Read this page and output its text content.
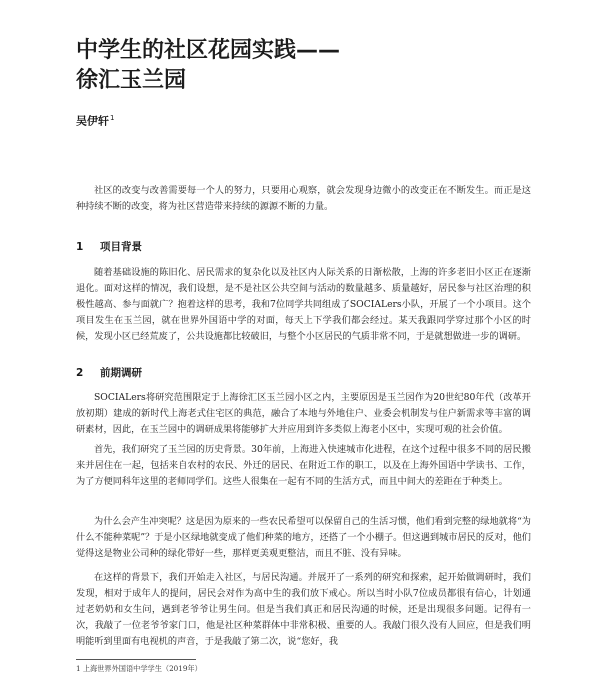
中学生的社区花园实践——
徐汇玉兰园
吴伊轩$^1$

社区的改变与改善需要每一个人的努力，只要用心观察，就会发现身边微小的改变正在不断发生。而正是这种持续不断的改变，将为社区营造带来持续的源源不断的力量。

1 项目背景

随着基础设施的陈旧化、居民需求的复杂化以及社区内人际关系的日渐松散，上海的许多老旧小区正在逐渐退化。面对这样的情况，我们设想，是不是社区公共空间与活动的数量越多、质量越好，居民参与社区治理的积极性越高、参与面就广？抱着这样的思考，我和7位同学共同组成了SOCIALers小队，开展了一个小项目。这个项目发生在玉兰园，就在世界外国语中学的对面，每天上下学我们都会经过。某天我跟同学穿过那个小区的时候，发现小区已经荒废了，公共设施都比较破旧，与整个小区居民的气质非常不同，于是就想做进一步的调研。

2 前期调研

SOCIALers将研究范围限定于上海徐汇区玉兰园小区之内，主要原因是玉兰园作为20世纪80年代（改革开放初期）建成的新时代上海老式住宅区的典范，融合了本地与外地住户、业委会机制发与住户新需求等丰富的调研素材，因此，在玉兰园中的调研成果将能够扩大并应用到许多类似上海老小区中，实现可观的社会价值。

首先，我们研究了玉兰园的历史背景。30年前，上海进入快速城市化进程，在这个过程中很多不同的居民搬来并居住在一起，包括来自农村的农民、外迁的居民、在附近工作的职工，以及在上海外国语中学读书、工作，为了方便同科年这里的老师同学们。这些人很集在一起有不同的生活方式，而且中间大的差距在于种类上。

为什么会产生冲突呢？这是因为原来的一些农民希望可以保留自己的生活习惯，他们看到完整的绿地就将“为什么不能种菜呢”？于是小区绿地就变成了他们种菜的地方，还搭了一个小棚子。但这遇到城市居民的反对，他们觉得这是物业公司种的绿化带好一些，那样更美观更整洁，而且不脏、没有异味。

在这样的背景下，我们开始走入社区，与居民沟通。并展开了一系列的研究和探索，起开始做调研时，我们发现，相对于成年人的提问，居民会对作为高中生的我们放下戒心。所以当时小队7位成员都很有信心，计划通过老奶奶和女生问，遇到老爷爷让男生问。但是当我们真正和居民沟通的时候，还是出现很多问题。记得有一次，我敲了一位老爷爷家门口，他是社区种菜群体中非常积极、重要的人。我敲门很久没有人回应，但是我们明明能听到里面有电视机的声音，于是我敲了第二次，说“您好，我

1 上海世界外国语中学学生（2019年）
